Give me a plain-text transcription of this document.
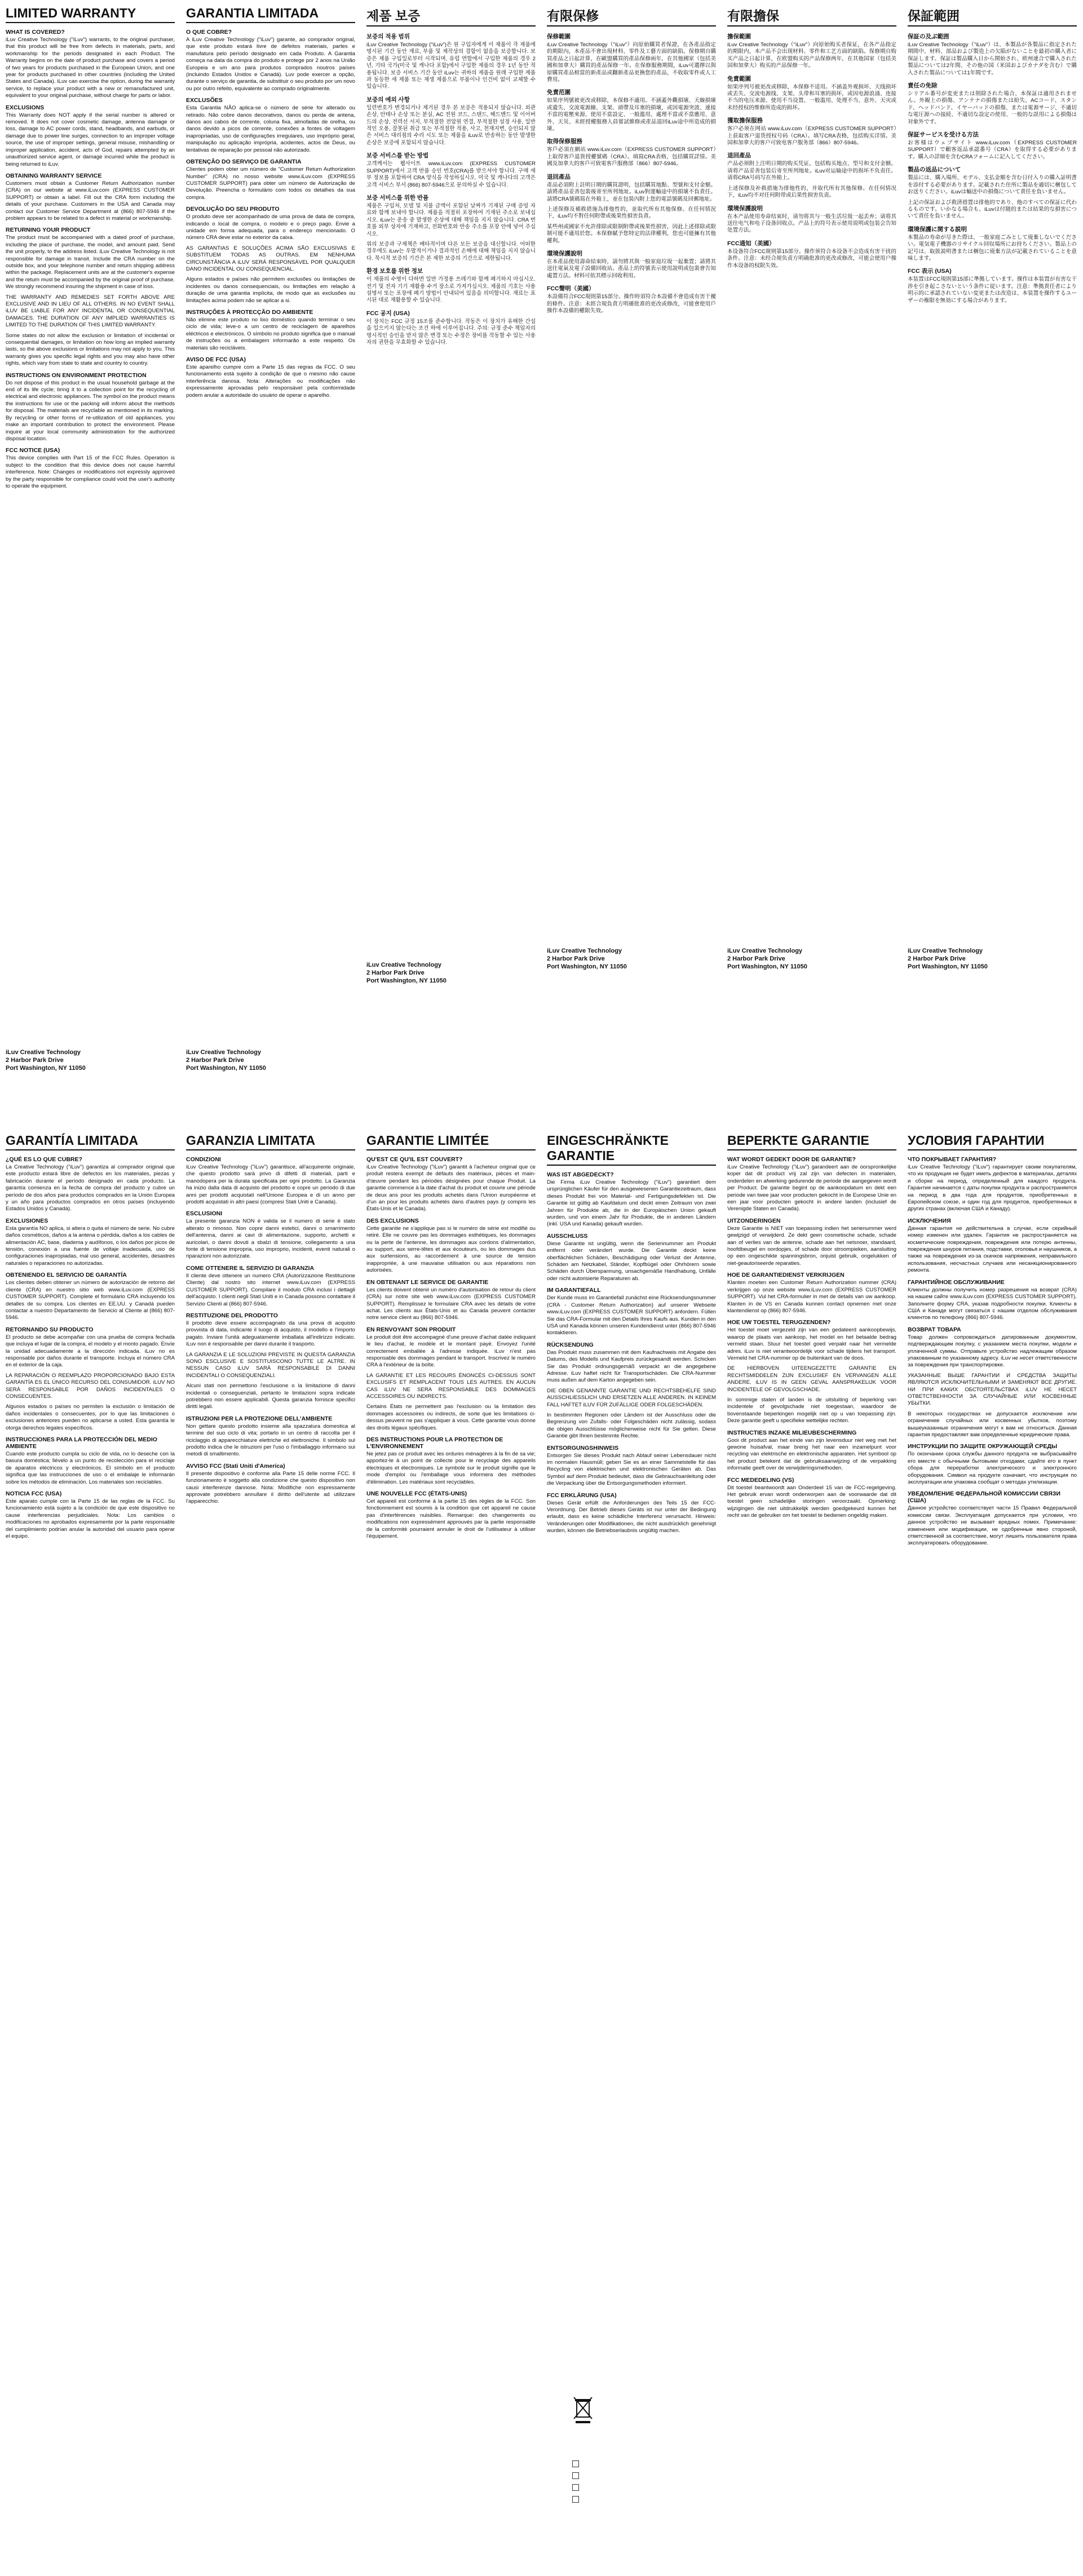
LIMITED WARRANTY
WHAT IS COVERED?
iLuv Creative Technology ("iLuv") warrants, to the original purchaser, that this product will be free from defects in materials, parts, and workmanship for the periods designated in each Product. The Warranty begins on the date of product purchase and covers a period of two years for products purchased in the European Union, and one year for products purchased in other countries (including the United States and Canada). iLuv can exercise the option, during the warranty service, to replace your product with a new or remanufactured unit, equivalent to your original purchase, without charge for parts or labor.
EXCLUSIONS
This Warranty does NOT apply if the serial number is altered or removed. It does not cover cosmetic damage, antenna damage or loss, damage to AC power cords, stand, headbands, and earbuds, or damage due to power line surges, connection to an improper voltage source, the use of improper settings, general misuse, mishandling or improper application, accident, acts of God, repairs attempted by an unauthorized service agent, or damage incurred while the product is being returned to iLuv.
OBTAINING WARRANTY SERVICE
Customers must obtain a Customer Return Authorization number (CRA) on our website at www.iLuv.com (EXPRESS CUSTOMER SUPPORT) or obtain a label. Fill out the CRA form including the details of your purchase. Customers in the USA and Canada may contact our Customer Service Department at (866) 807-5946 if the problem appears to be related to a defect in material or workmanship.
RETURNING YOUR PRODUCT
The product must be accompanied with a dated proof of purchase, including the place of purchase, the model, and amount paid. Send the unit properly, to the address listed. iLuv Creative Technology is not responsible for damage in transit. Include the CRA number on the outside box, and your telephone number and return shipping address within the package. Replacement units are at the customer's expense and the return must be accompanied by the original proof of purchase. We strongly recommend insuring the shipment in case of loss.
THE WARRANTY AND REMEDIES SET FORTH ABOVE ARE EXCLUSIVE AND IN LIEU OF ALL OTHERS. IN NO EVENT SHALL iLUV BE LIABLE FOR ANY INCIDENTAL OR CONSEQUENTIAL DAMAGES. THE DURATION OF ANY IMPLIED WARRANTIES IS LIMITED TO THE DURATION OF THIS LIMITED WARRANTY.
Some states do not allow the exclusion or limitation of incidental or consequential damages, or limitation on how long an implied warranty lasts, so the above exclusions or limitations may not apply to you. This warranty gives you specific legal rights and you may also have other rights, which vary from state to state and country to country.
INSTRUCTIONS ON ENVIRONMENT PROTECTION
Do not dispose of this product in the usual household garbage at the end of its life cycle; bring it to a collection point for the recycling of electrical and electronic appliances. The symbol on the product means the instructions for use or the packing will inform about the methods for disposal. The materials are recyclable as mentioned in its marking. By recycling or other forms of re-utilization of old appliances, you make an important contribution to protect the environment. Please inquire at your local community administration for the authorized disposal location.
FCC NOTICE (USA)
This device complies with Part 15 of the FCC Rules. Operation is subject to the condition that this device does not cause harmful interference. Note: Changes or modifications not expressly approved by the party responsible for compliance could void the user's authority to operate the equipment.
iLuv Creative Technology
2 Harbor Park Drive
Port Washington, NY 11050
GARANTIA LIMITADA
O QUE COBRE?
A iLuv Creative Technology ("iLuv") garante, ao comprador original, que este produto estará livre de defeitos materiais, partes e manufatura pelo período designado em cada Produto. A Garantia começa na data da compra do produto e protege por 2 anos na União Europeia e um ano para produtos comprados noutros países (incluindo Estados Unidos e Canadá). Luv pode exercer a opção, durante o serviço de garantia, de substituir o seu produto por um novo ou por outro refeito, equivalente ao comprado originalmente.
EXCLUSÕES
Esta Garantia NÃO aplica-se o número de série for alterado ou retirado. Não cobre danos decorativos, danos ou perda de antena, danos aos cabos de corrente, coluna fixa, almofadas de orelha, ou danos devido a picos de corrente, conexões a fontes de voltagem inapropriadas, uso de configurações irregulares, uso impróprio geral, manipulação ou aplicação imprópria, acidentes, actos de Deus, ou tentativas de reparação por pessoal não autorizado.
OBTENÇÃO DO SERVIÇO DE GARANTIA
Clientes podem obter um número de "Customer Return Authorization Number" (CRA) no nosso website www.iLuv.com (EXPRESS CUSTOMER SUPPORT) para obter um número de Autorização de Devolução. Preencha o formulário com todos os detalhes da sua compra.
DEVOLUÇÃO DO SEU PRODUTO
O produto deve ser acompanhado de uma prova de data de compra, indicando o local de compra, o modelo e o preço pago. Envie a unidade em forma adequada, para o endereço mencionado. O número CRA deve estar no exterior da caixa.
AS GARANTIAS E SOLUÇÕES ACIMA SÃO EXCLUSIVAS E SUBSTITUEM TODAS AS OUTRAS. EM NENHUMA CIRCUNSTÂNCIA A iLUV SERÁ RESPONSÁVEL POR QUALQUER DANO INCIDENTAL OU CONSEQUENCIAL.
Alguns estados e países não permitem exclusões ou limitações de incidentes ou danos consequenciais, ou limitações em relação à duração de uma garantia implícita, de modo que as exclusões ou limitações acima podem não se aplicar a si.
INSTRUÇÕES À PROTECÇÃO DO AMBIENTE
Não elimine este produto no lixo doméstico quando terminar o seu ciclo de vida; leve-o a um centro de reciclagem de aparelhos eléctricos e electrónicos. O símbolo no produto significa que o manual de instruções ou a embalagem informarão a este respeito. Os materiais são recicláveis.
AVISO DE FCC (USA)
Este aparelho cumpre com a Parte 15 das regras da FCC. O seu funcionamento está sujeito à condição de que o mesmo não cause interferência danosa. Nota: Alterações ou modificações não expressamente aprovadas pelo responsável pela conformidade podem anular a autoridade do usuário de operar o aparelho.
iLuv Creative Technology
2 Harbor Park Drive
Port Washington, NY 11050
제품 보증
보증의 적용 범위
iLuv Creative Technology ("iLuv")은 원 구입자에게 이 제품이 각 제품에 명시된 기간 동안 재료, 부품 및 제작상의 결함이 없음을 보증합니다. 보증은 제품 구입일로부터 시작되며, 유럽 연합에서 구입한 제품의 경우 2년, 기타 국가(미국 및 캐나다 포함)에서 구입한 제품의 경우 1년 동안 적용됩니다. 보증 서비스 기간 동안 iLuv는 귀하의 제품을 원래 구입한 제품과 동등한 새 제품 또는 재생 제품으로 부품이나 인건비 없이 교체할 수 있습니다.
보증의 예외 사항
일련번호가 변경되거나 제거된 경우 본 보증은 적용되지 않습니다. 외관 손상, 안테나 손상 또는 분실, AC 전원 코드, 스탠드, 헤드밴드 및 이어버드의 손상, 전력선 서지, 부적절한 전압원 연결, 부적절한 설정 사용, 일반적인 오용, 잘못된 취급 또는 부적절한 적용, 사고, 천재지변, 승인되지 않은 서비스 대리점의 수리 시도 또는 제품을 iLuv로 반송하는 동안 발생한 손상은 보증에 포함되지 않습니다.
보증 서비스를 받는 방법
고객께서는 웹사이트 www.iLuv.com (EXPRESS CUSTOMER SUPPORT)에서 고객 반품 승인 번호(CRA)를 받으셔야 합니다. 구매 세부 정보를 포함하여 CRA 양식을 작성하십시오. 미국 및 캐나다의 고객은 고객 서비스 부서 (866) 807-5946으로 문의하실 수 있습니다.
보증 서비스를 위한 반품
제품은 구입처, 모델 및 지불 금액이 포함된 날짜가 기재된 구매 증빙 자료와 함께 보내야 합니다. 제품을 적절히 포장하여 기재된 주소로 보내십시오. iLuv는 운송 중 발생한 손상에 대해 책임을 지지 않습니다. CRA 번호를 외부 상자에 기재하고, 전화번호와 반송 주소를 포장 안에 넣어 주십시오.
위의 보증과 구제책은 배타적이며 다른 모든 보증을 대신합니다. 어떠한 경우에도 iLuv는 우발적이거나 결과적인 손해에 대해 책임을 지지 않습니다. 묵시적 보증의 기간은 본 제한 보증의 기간으로 제한됩니다.
환경 보호를 위한 정보
이 제품의 수명이 다하면 일반 가정용 쓰레기와 함께 폐기하지 마십시오. 전기 및 전자 기기 재활용 수거 장소로 가져가십시오. 제품의 기호는 사용 설명서 또는 포장에 폐기 방법이 안내되어 있음을 의미합니다. 재료는 표시된 대로 재활용할 수 있습니다.
FCC 공지 (USA)
이 장치는 FCC 규정 15조를 준수합니다. 작동은 이 장치가 유해한 간섭을 일으키지 않는다는 조건 하에 이루어집니다. 주의: 규정 준수 책임자의 명시적인 승인을 받지 않은 변경 또는 수정은 장비를 작동할 수 있는 사용자의 권한을 무효화할 수 있습니다.
iLuv Creative Technology
2 Harbor Park Drive
Port Washington, NY 11050
有限保修
保修範圍
iLuv Creative Technology（"iLuv"）向原始購買者保證，在各產品指定的期限內，本產品不會出現材料、零件及工藝方面的缺陷。保修期自購買產品之日起計算，在歐盟購買的產品保修兩年，在其他國家（包括美國和加拿大）購買的產品保修一年。在保修服務期間，iLuv可選擇以與原購買產品相當的新產品或翻新產品更換您的產品，不收取零件或人工費用。
免責范圍
如果序列號被更改或移除，本保修不適用。不涵蓋外觀損壞、天線損壞或遺失、交流電源線、支架、頭帶及耳塞的損壞，或因電源突波、連接不當的電壓來源、使用不當設定、一般濫用、處理不當或不當應用、意外、天災、未經授權服務人員嘗試維修或產品退回iLuv途中所造成的損壞。
取得保修服務
客戶必須在網站 www.iLuv.com（EXPRESS CUSTOMER SUPPORT）上取得客戶退貨授權號碼（CRA）。填寫CRA表格，包括購買詳情。美國及加拿大的客戶可致電客戶服務部（866）807-5946。
退回產品
產品必須附上註明日期的購買證明，包括購買地點、型號和支付金額。請將產品妥善包裝後寄至所列地址。iLuv對運輸途中的損壞不負責任。請將CRA號碼寫在外箱上，並在包裝內附上您的電話號碼及回郵地址。
上述保修及補救措施為排他性的，並取代所有其他保修。在任何情況下，iLuv均不對任何附帶或後果性損害負責。
某些州或國家不允許排除或限制附帶或後果性損害，因此上述排除或限制可能不適用於您。本保修賦予您特定的法律權利，您也可能擁有其他權利。
環境保護說明
在本產品使用壽命結束時，請勿將其與一般家庭垃圾一起棄置；請將其送往電氣及電子設備回收站。產品上的符號表示使用說明或包裝會告知處置方法。材料可依其標示回收利用。
FCC聲明（美國）
本設備符合FCC規則第15部分。操作時須符合本設備不會造成有害干擾的條件。注意：未經合規負責方明確批准的更改或修改，可能會使用戶操作本設備的權限失效。
iLuv Creative Technology
2 Harbor Park Drive
Port Washington, NY 11050
有限擔保
擔保範圍
iLuv Creative Technology（"iLuv"）向原始购买者保证，在各产品指定的期限内，本产品不会出现材料、零件和工艺方面的缺陷。保修期自购买产品之日起计算，在欧盟购买的产品保修两年，在其他国家（包括美国和加拿大）购买的产品保修一年。
免責範圍
如果序列号被更改或移除，本保修不适用。不涵盖外观损坏、天线损坏或丢失、交流电源线、支架、头带和耳塞的损坏，或因电源浪涌、连接不当的电压来源、使用不当设置、一般滥用、处理不当、意外、天灾或未经授权的维修所造成的损坏。
獲取擔保服務
客户必须在网站 www.iLuv.com（EXPRESS CUSTOMER SUPPORT）上获取客户退货授权号码（CRA）。填写CRA表格，包括购买详情。美国和加拿大的客户可致电客户服务部（866）807-5946。
退回產品
产品必须附上注明日期的购买凭证，包括购买地点、型号和支付金额。请将产品妥善包装后寄至所列地址。iLuv对运输途中的损坏不负责任。请将CRA号码写在外箱上。
上述保修及补救措施为排他性的，并取代所有其他保修。在任何情况下，iLuv均不对任何附带或后果性损害负责。
環境保護說明
在本产品使用寿命结束时，请勿将其与一般生活垃圾一起丢弃；请将其送往电气和电子设备回收点。产品上的符号表示使用说明或包装会告知处置方法。
FCC通知（美國）
本设备符合FCC规则第15部分。操作须符合本设备不会造成有害干扰的条件。注意：未经合规负责方明确批准的更改或修改，可能会使用户操作本设备的权限失效。
iLuv Creative Technology
2 Harbor Park Drive
Port Washington, NY 11050
保証範囲
保証の及ぶ範囲
iLuv Creative Technology（"iLuv"）は、本製品が各製品に指定された期間中、材料、部品および製造上の欠陥がないことを最初の購入者に保証します。保証は製品購入日から開始され、欧州連合で購入された製品については2年間、その他の国（米国およびカナダを含む）で購入された製品については1年間です。
責任の免除
シリアル番号が変更または削除された場合、本保証は適用されません。外観上の損傷、アンテナの損傷または紛失、ACコード、スタンド、ヘッドバンド、イヤーバッドの損傷、または電源サージ、不適切な電圧源への接続、不適切な設定の使用、一般的な誤用による損傷は対象外です。
保証サービスを受ける方法
お客様はウェブサイト www.iLuv.com（EXPRESS CUSTOMER SUPPORT）で顧客返品承認番号（CRA）を取得する必要があります。購入の詳細を含むCRAフォームに記入してください。
製品の返品について
製品には、購入場所、モデル、支払金額を含む日付入りの購入証明書を添付する必要があります。記載された住所に製品を適切に梱包してお送りください。iLuvは輸送中の損傷について責任を負いません。
上記の保証および救済措置は排他的であり、他のすべての保証に代わるものです。いかなる場合も、iLuvは付随的または結果的な損害について責任を負いません。
環境保護に関する説明
本製品の寿命が尽きた際は、一般家庭ごみとして廃棄しないでください。電気電子機器のリサイクル回収場所にお持ちください。製品上の記号は、取扱説明書または梱包に廃棄方法が記載されていることを意味します。
FCC 表示 (USA)
本装置はFCC規則第15部に準拠しています。操作は本装置が有害な干渉を引き起こさないという条件に従います。注意：準拠責任者により明示的に承認されていない変更または改造は、本装置を操作するユーザーの権限を無効にする場合があります。
iLuv Creative Technology
2 Harbor Park Drive
Port Washington, NY 11050
GARANTÍA LIMITADA
¿QUÉ ES LO QUE CUBRE?
La Creative Technology ("iLuv") garantiza al comprador original que este producto estará libre de defectos en los materiales, piezas y fabricación durante el período designado en cada producto. La garantía comienza en la fecha de compra del producto y cubre un período de dos años para productos comprados en la Unión Europea y un año para productos comprados en otros países (incluyendo Estados Unidos y Canadá).
EXCLUSIONES
Esta garantía NO aplica, si altera o quita el número de serie. No cubre daños cosméticos, daños a la antena o pérdida, daños a los cables de alimentación AC, base, diadema y audífonos, o los daños por picos de tensión, conexión a una fuente de voltaje inadecuada, uso de configuraciones inapropiadas, mal uso general, accidentes, desastres naturales o reparaciones no autorizadas.
OBTENIENDO EL SERVICIO DE GARANTÍA
Los clientes deben obtener un número de autorización de retorno del cliente (CRA) en nuestro sitio web www.iLuv.com (EXPRESS CUSTOMER SUPPORT). Complete el formulario CRA incluyendo los detalles de su compra. Los clientes en EE.UU. y Canadá pueden contactar a nuestro Departamento de Servicio al Cliente al (866) 807-5946.
RETORNANDO SU PRODUCTO
El producto se debe acompañar con una prueba de compra fechada que incluya el lugar de la compra, el modelo y el monto pagado. Envíe la unidad adecuadamente a la dirección indicada. iLuv no es responsable por daños durante el transporte. Incluya el número CRA en el exterior de la caja.
LA REPARACIÓN O REEMPLAZO PROPORCIONADO BAJO ESTA GARANTÍA ES EL ÚNICO RECURSO DEL CONSUMIDOR. iLUV NO SERÁ RESPONSABLE POR DAÑOS INCIDENTALES O CONSECUENTES.
Algunos estados o países no permiten la exclusión o limitación de daños incidentales o consecuentes, por lo que las limitaciones o exclusiones anteriores pueden no aplicarse a usted. Esta garantía le otorga derechos legales específicos.
INSTRUCCIONES PARA LA PROTECCIÓN DEL MEDIO AMBIENTE
Cuando este producto cumpla su ciclo de vida, no lo deseche con la basura doméstica; llévelo a un punto de recolección para el reciclaje de aparatos eléctricos y electrónicos. El símbolo en el producto significa que las instrucciones de uso o el embalaje le informarán sobre los métodos de eliminación. Los materiales son reciclables.
NOTICIA FCC (USA)
Este aparato cumple con la Parte 15 de las reglas de la FCC. Su funcionamiento está sujeto a la condición de que este dispositivo no cause interferencias perjudiciales. Nota: Los cambios o modificaciones no aprobados expresamente por la parte responsable del cumplimiento podrían anular la autoridad del usuario para operar el equipo.
GARANZIA LIMITATA
CONDIZIONI
iLuv Creative Technology ("iLuv") garantisce, all'acquirente originale, che questo prodotto sarà privo di difetti di materiali, parti e manodopera per la durata specificata per ogni prodotto. La Garanzia ha inizio dalla data di acquisto del prodotto e copre un periodo di due anni per prodotti acquistati nell'Unione Europea e di un anno per prodotti acquistati in altri paesi (compresi Stati Uniti e Canada).
ESCLUSIONI
La presente garanzia NON è valida se il numero di serie è stato alterato o rimosso. Non copre danni estetici, danni o smarrimento dell'antenna, danni ai cavi di alimentazione, supporto, archetti e auricolari, o danni dovuti a sbalzi di tensione, collegamento a una fonte di tensione impropria, uso improprio, incidenti, eventi naturali o riparazioni non autorizzate.
COME OTTENERE IL SERVIZIO DI GARANZIA
Il cliente deve ottenere un numero CRA (Autorizzazione Restituzione Cliente) dal nostro sito internet www.iLuv.com (EXPRESS CUSTOMER SUPPORT). Compilare il modulo CRA inclusi i dettagli dell'acquisto. I clienti negli Stati Uniti e in Canada possono contattare il Servizio Clienti al (866) 807-5946.
RESTITUZIONE DEL PRODOTTO
Il prodotto deve essere accompagnato da una prova di acquisto provvista di data, indicante il luogo di acquisto, il modello e l'importo pagato. Inviare l'unità adeguatamente imballata all'indirizzo indicato. iLuv non è responsabile per danni durante il trasporto.
LA GARANZIA E LE SOLUZIONI PREVISTE IN QUESTA GARANZIA SONO ESCLUSIVE E SOSTITUISCONO TUTTE LE ALTRE. IN NESSUN CASO iLUV SARÀ RESPONSABILE DI DANNI INCIDENTALI O CONSEQUENZIALI.
Alcuni stati non permettono l'esclusione o la limitazione di danni incidentali o conseguenziali, pertanto le limitazioni sopra indicate potrebbero non essere applicabili. Questa garanzia fornisce specifici diritti legali.
ISTRUZIONI PER LA PROTEZIONE DELL'AMBIENTE
Non gettare questo prodotto insieme alla spazzatura domestica al termine del suo ciclo di vita; portarlo in un centro di raccolta per il riciclaggio di apparecchiature elettriche ed elettroniche. Il simbolo sul prodotto indica che le istruzioni per l'uso o l'imballaggio informano sui metodi di smaltimento.
AVVISO FCC (Stati Uniti d'America)
Il presente dispositivo è conforme alla Parte 15 delle norme FCC. Il funzionamento è soggetto alla condizione che questo dispositivo non causi interferenze dannose. Nota: Modifiche non espressamente approvate potrebbero annullare il diritto dell'utente ad utilizzare l'apparecchio.
GARANTIE LIMITÉE
QU'EST CE QU'IL EST COUVERT?
iLuv Creative Technology ("iLuv") garantit à l'acheteur original que ce produit restera exempt de défauts des matériaux, pièces et main-d'œuvre pendant les périodes désignées pour chaque Produit. La garantie commence à la date d'achat du produit et couvre une période de deux ans pour les produits achetés dans l'Union européenne et d'un an pour les produits achetés dans d'autres pays (y compris les États-Unis et le Canada).
DES EXCLUSIONS
Cette garantie ne s'applique pas si le numéro de série est modifié ou retiré. Elle ne couvre pas les dommages esthétiques, les dommages ou la perte de l'antenne, les dommages aux cordons d'alimentation, au support, aux serre-têtes et aux écouteurs, ou les dommages dus aux surtensions, au raccordement à une source de tension inappropriée, à une mauvaise utilisation ou aux réparations non autorisées.
EN OBTENANT LE SERVICE DE GARANTIE
Les clients doivent obtenir un numéro d'autorisation de retour du client (CRA) sur notre site web www.iLuv.com (EXPRESS CUSTOMER SUPPORT). Remplissez le formulaire CRA avec les détails de votre achat. Les clients aux États-Unis et au Canada peuvent contacter notre service client au (866) 807-5946.
EN RENVOYANT SON PRODUIT
Le produit doit être accompagné d'une preuve d'achat datée indiquant le lieu d'achat, le modèle et le montant payé. Envoyez l'unité correctement emballée à l'adresse indiquée. iLuv n'est pas responsable des dommages pendant le transport. Inscrivez le numéro CRA à l'extérieur de la boîte.
LA GARANTIE ET LES RECOURS ÉNONCÉS CI-DESSUS SONT EXCLUSIFS ET REMPLACENT TOUS LES AUTRES. EN AUCUN CAS iLUV NE SERA RESPONSABLE DES DOMMAGES ACCESSOIRES OU INDIRECTS.
Certains États ne permettent pas l'exclusion ou la limitation des dommages accessoires ou indirects, de sorte que les limitations ci-dessus peuvent ne pas s'appliquer à vous. Cette garantie vous donne des droits légaux spécifiques.
DES INSTRUCTIONS POUR LA PROTECTION DE L'ENVIRONNEMENT
Ne jetez pas ce produit avec les ordures ménagères à la fin de sa vie; apportez-le à un point de collecte pour le recyclage des appareils électriques et électroniques. Le symbole sur le produit signifie que le mode d'emploi ou l'emballage vous informera des méthodes d'élimination. Les matériaux sont recyclables.
UNE NOUVELLE FCC (ÉTATS-UNIS)
Cet appareil est conforme à la partie 15 des règles de la FCC. Son fonctionnement est soumis à la condition que cet appareil ne cause pas d'interférences nuisibles. Remarque: des changements ou modifications non expressément approuvés par la partie responsable de la conformité pourraient annuler le droit de l'utilisateur à utiliser l'équipement.
EINGESCHRÄNKTE GARANTIE
WAS IST ABGEDECKT?
Die Firma iLuv Creative Technology ("iLuv") garantiert dem ursprünglichen Käufer für den ausgewiesenen Garantiezeitraum, dass dieses Produkt frei von Material- und Fertigungsdefekten ist. Die Garantie ist gültig ab Kaufdatum und deckt einen Zeitraum von zwei Jahren für Produkte ab, die in der Europäischen Union gekauft wurden, und von einem Jahr für Produkte, die in anderen Ländern (inkl. USA und Kanada) gekauft wurden.
AUSSCHLUSS
Diese Garantie ist ungültig, wenn die Seriennummer am Produkt entfernt oder verändert wurde. Die Garantie deckt keine oberflächlichen Schäden, Beschädigung oder Verlust der Antenne, Schäden am Netzkabel, Ständer, Kopfbügel oder Ohrhörern sowie Schäden durch Überspannung, unsachgemäße Handhabung, Unfälle oder nicht autorisierte Reparaturen ab.
IM GARANTIEFALL
Der Kunde muss im Garantiefall zunächst eine Rücksendungsnummer (CRA - Customer Return Authorization) auf unserer Webseite www.iLuv.com (EXPRESS CUSTOMER SUPPORT) anfordern. Füllen Sie das CRA-Formular mit den Details Ihres Kaufs aus. Kunden in den USA und Kanada können unseren Kundendienst unter (866) 807-5946 kontaktieren.
RÜCKSENDUNG
Das Produkt muss zusammen mit dem Kaufnachweis mit Angabe des Datums, des Modells und Kaufpreis zurückgesandt werden. Schicken Sie das Produkt ordnungsgemäß verpackt an die angegebene Adresse. iLuv haftet nicht für Transportschäden. Die CRA-Nummer muss außen auf dem Karton angegeben sein.
DIE OBEN GENANNTE GARANTIE UND RECHTSBEHELFE SIND AUSSCHLIESSLICH UND ERSETZEN ALLE ANDEREN. IN KEINEM FALL HAFTET iLUV FÜR ZUFÄLLIGE ODER FOLGESCHÄDEN.
In bestimmten Regionen oder Ländern ist der Ausschluss oder die Begrenzung von Zufalls- oder Folgeschäden nicht zulässig, sodass die obigen Ausschlüsse möglicherweise nicht für Sie gelten. Diese Garantie gibt Ihnen bestimmte Rechte.
ENTSORGUNGSHINWEIS
Entsorgen Sie dieses Produkt nach Ablauf seiner Lebensdauer nicht im normalen Hausmüll; geben Sie es an einer Sammelstelle für das Recycling von elektrischen und elektronischen Geräten ab. Das Symbol auf dem Produkt bedeutet, dass die Gebrauchsanleitung oder die Verpackung über die Entsorgungsmethoden informiert.
FCC ERKLÄRUNG (USA)
Dieses Gerät erfüllt die Anforderungen des Teils 15 der FCC-Verordnung. Der Betrieb dieses Geräts ist nur unter der Bedingung erlaubt, dass es keine schädliche Interferenz verursacht. Hinweis: Veränderungen oder Modifikationen, die nicht ausdrücklich genehmigt wurden, können die Betriebserlaubnis ungültig machen.
BEPERKTE GARANTIE
WAT WORDT GEDEKT DOOR DE GARANTIE?
iLuv Creative Technology ("iLuv") garandeert aan de oorspronkelijke koper dat dit product vrij zal zijn van defecten in materialen, onderdelen en afwerking gedurende de periode die aangegeven wordt per Product. De garantie begint op de aankoopdatum en dekt een periode van twee jaar voor producten gekocht in de Europese Unie en een jaar voor producten gekocht in andere landen (inclusief de Verenigde Staten en Canada).
UITZONDERINGEN
Deze Garantie is NIET van toepassing indien het serienummer werd gewijzigd of verwijderd. Ze dekt geen cosmetische schade, schade aan of verlies van de antenne, schade aan het netsnoer, standaard, hoofdbeugel en oordopjes, of schade door stroompieken, aansluiting op een ongeschikte spanningsbron, onjuist gebruik, ongelukken of niet-geautoriseerde reparaties.
HOE DE GARANTIEDIENST VERKRIJGEN
Klanten moeten een Customer Return Authorization nummer (CRA) verkrijgen op onze website www.iLuv.com (EXPRESS CUSTOMER SUPPORT). Vul het CRA-formulier in met de details van uw aankoop. Klanten in de VS en Canada kunnen contact opnemen met onze klantendienst op (866) 807-5946.
HOE UW TOESTEL TERUGZENDEN?
Het toestel moet vergezeld zijn van een gedateerd aankoopbewijs, waarop de plaats van aankoop, het model en het betaalde bedrag vermeld staan. Stuur het toestel goed verpakt naar het vermelde adres. iLuv is niet verantwoordelijk voor schade tijdens het transport. Vermeld het CRA-nummer op de buitenkant van de doos.
DE HIERBOVEN UITEENGEZETTE GARANTIE EN RECHTSMIDDELEN ZIJN EXCLUSIEF EN VERVANGEN ALLE ANDERE. iLUV IS IN GEEN GEVAL AANSPRAKELIJK VOOR INCIDENTELE OF GEVOLGSCHADE.
In sommige staten of landen is de uitsluiting of beperking van incidentele of gevolgschade niet toegestaan, waardoor de bovenstaande beperkingen mogelijk niet op u van toepassing zijn. Deze garantie geeft u specifieke wettelijke rechten.
INSTRUCTIES INZAKE MILIEUBESCHERMING
Gooi dit product aan het einde van zijn levensduur niet weg met het gewone huisafval, maar breng het naar een inzamelpunt voor recycling van elektrische en elektronische apparaten. Het symbool op het product betekent dat de gebruiksaanwijzing of de verpakking informatie geeft over de verwijderingsmethoden.
FCC MEDEDELING (VS)
Dit toestel beantwoordt aan Onderdeel 15 van de FCC-regelgeving. Het gebruik ervan wordt onderworpen aan de voorwaarde dat dit toestel geen schadelijke storingen veroorzaakt. Opmerking: wijzigingen die niet uitdrukkelijk werden goedgekeurd kunnen het recht van de gebruiker om het toestel te bedienen ongeldig maken.
УСЛОВИЯ ГАРАНТИИ
ЧТО ПОКРЫВАЕТ ГАРАНТИЯ?
iLuv Creative Technology ("iLuv") гарантирует своим покупателям, что их продукция не будет иметь дефектов в материалах, деталях и сборке на период, определенный для каждого продукта. Гарантия начинается с даты покупки продукта и распространяется на период в два года для продуктов, приобретенных в Европейском союзе, и один год для продуктов, приобретенных в других странах (включая США и Канаду).
ИСКЛЮЧЕНИЯ
Данная гарантия не действительна в случае, если серийный номер изменен или удален. Гарантия не распространяется на косметические повреждения, повреждения или потерю антенны, повреждения шнуров питания, подставки, оголовья и наушников, а также на повреждения из-за скачков напряжения, неправильного использования, несчастных случаев или несанкционированного ремонта.
ГАРАНТИЙНОЕ ОБСЛУЖИВАНИЕ
Клиенты должны получить номер разрешения на возврат (CRA) на нашем сайте www.iLuv.com (EXPRESS CUSTOMER SUPPORT). Заполните форму CRA, указав подробности покупки. Клиенты в США и Канаде могут связаться с нашим отделом обслуживания клиентов по телефону (866) 807-5946.
ВОЗВРАТ ТОВАРА
Товар должен сопровождаться датированным документом, подтверждающим покупку, с указанием места покупки, модели и уплаченной суммы. Отправьте устройство надлежащим образом упакованным по указанному адресу. iLuv не несет ответственности за повреждения при транспортировке.
УКАЗАННЫЕ ВЫШЕ ГАРАНТИИ И СРЕДСТВА ЗАЩИТЫ ЯВЛЯЮТСЯ ИСКЛЮЧИТЕЛЬНЫМИ И ЗАМЕНЯЮТ ВСЕ ДРУГИЕ. НИ ПРИ КАКИХ ОБСТОЯТЕЛЬСТВАХ iLUV НЕ НЕСЕТ ОТВЕТСТВЕННОСТИ ЗА СЛУЧАЙНЫЕ ИЛИ КОСВЕННЫЕ УБЫТКИ.
В некоторых государствах не допускается исключение или ограничение случайных или косвенных убытков, поэтому вышеуказанные ограничения могут к вам не относиться. Данная гарантия предоставляет вам определенные юридические права.
ИНСТРУКЦИИ ПО ЗАЩИТЕ ОКРУЖАЮЩЕЙ СРЕДЫ
По окончании срока службы данного продукта не выбрасывайте его вместе с обычными бытовыми отходами; сдайте его в пункт сбора для переработки электрического и электронного оборудования. Символ на продукте означает, что инструкция по эксплуатации или упаковка сообщат о методах утилизации.
УВЕДОМЛЕНИЕ ФЕДЕРАЛЬНОЙ КОМИССИИ СВЯЗИ (США)
Данное устройство соответствует части 15 Правил Федеральной комиссии связи. Эксплуатация допускается при условии, что данное устройство не вызывает вредных помех. Примечание: изменения или модификации, не одобренные явно стороной, ответственной за соответствие, могут лишить пользователя права эксплуатировать оборудование.
